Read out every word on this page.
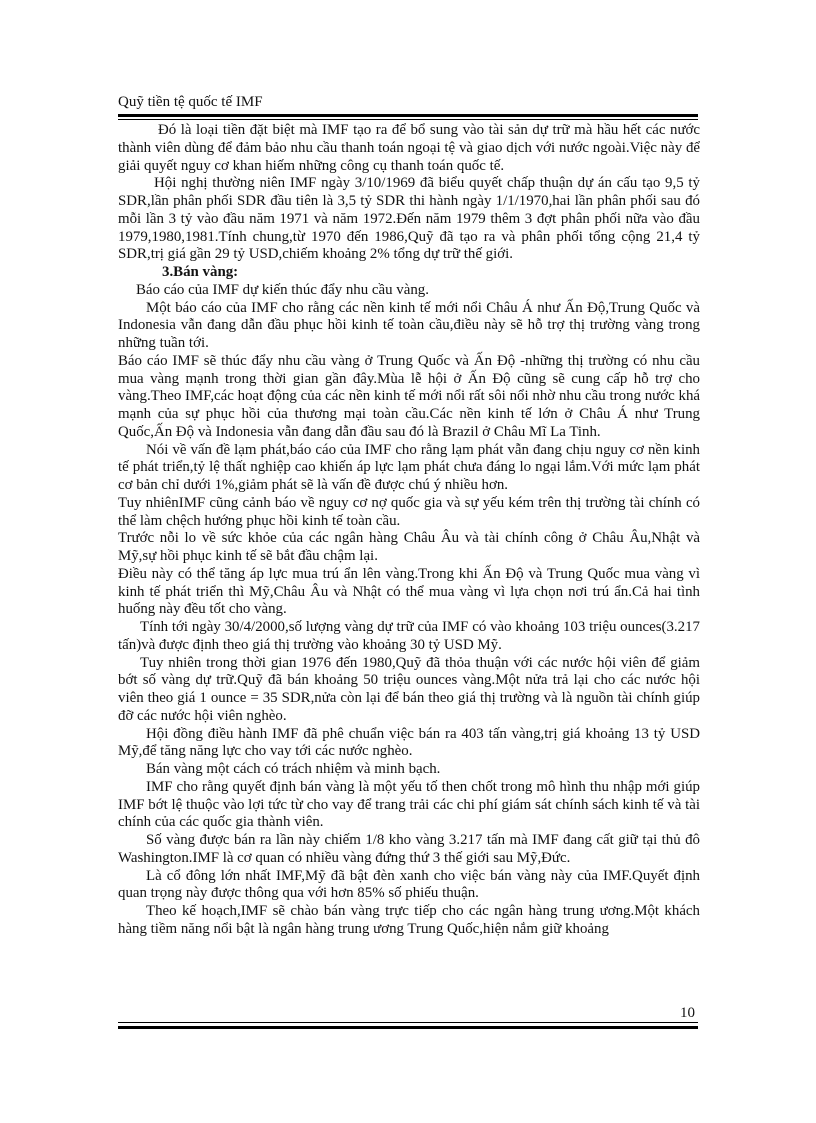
Quỹ tiền tệ quốc tế IMF

Đó là loại tiền đặt biệt mà IMF tạo ra để bổ sung vào tài sản dự trữ mà hầu hết các nước thành viên dùng để đảm bảo nhu cầu thanh toán ngoại tệ và giao dịch với nước ngoài.Việc này để giải quyết nguy cơ khan hiếm những công cụ thanh toán quốc tế.

Hội nghị thường niên IMF ngày 3/10/1969 đã biểu quyết chấp thuận dự án cấu tạo 9,5 tỷ SDR,lần phân phối SDR đầu tiên là 3,5 tỷ SDR thi hành ngày 1/1/1970,hai lần phân phối sau đó mỗi lần 3 tỷ vào đầu năm 1971 và năm 1972.Đến năm 1979 thêm 3 đợt phân phối nữa vào đầu 1979,1980,1981.Tính chung,từ 1970 đến 1986,Quỹ đã tạo ra và phân phối tổng cộng 21,4 tỷ SDR,trị giá gần 29 tỷ USD,chiếm khoảng 2% tổng dự trữ thế giới.

3.Bán vàng:

Báo cáo của IMF dự kiến thúc đẩy nhu cầu vàng.

Một báo cáo của IMF cho rằng các nền kinh tế mới nổi Châu Á như Ấn Độ,Trung Quốc và Indonesia vẫn đang dẫn đầu phục hồi kinh tế toàn cầu,điều này sẽ hỗ trợ thị trường vàng trong những tuần tới.

Báo cáo IMF sẽ thúc đẩy nhu cầu vàng ở Trung Quốc và Ấn Độ -những thị trường có nhu cầu mua vàng mạnh trong thời gian gần đây.Mùa lễ hội ở Ấn Độ cũng sẽ cung cấp hỗ trợ cho vàng.Theo IMF,các hoạt động của các nền kinh tế mới nổi rất sôi nổi nhờ nhu cầu trong nước khá mạnh của sự phục hồi của thương mại toàn cầu.Các nền kinh tế lớn ở Châu Á như Trung Quốc,Ấn Độ và Indonesia vẫn đang dẫn đầu sau đó là Brazil ở Châu Mĩ La Tinh.

Nói về vấn đề lạm phát,báo cáo của IMF cho rằng lạm phát vẫn đang chịu nguy cơ nền kinh tế phát triển,tỷ lệ thất nghiệp cao khiến áp lực lạm phát chưa đáng lo ngại lắm.Với mức lạm phát cơ bản chỉ dưới 1%,giảm phát sẽ là vấn đề được chú ý nhiều hơn.

Tuy nhiênIMF cũng cảnh báo về nguy cơ nợ quốc gia và sự yếu kém trên thị trường tài chính có thể làm chệch hướng phục hồi kinh tế toàn cầu.

Trước nỗi lo về sức khỏe của các ngân hàng Châu Âu và tài chính công ở Châu Âu,Nhật và Mỹ,sự hồi phục kinh tế sẽ bắt đầu chậm lại.

Điều này có thể tăng áp lực mua trú ẩn lên vàng.Trong khi Ấn Độ và Trung Quốc mua vàng vì kinh tế phát triển thì Mỹ,Châu Âu và Nhật có thể mua vàng vì lựa chọn nơi trú ẩn.Cả hai tình huống này đều tốt cho vàng.

Tính tới ngày 30/4/2000,số lượng vàng dự trữ của IMF có vào khoảng 103 triệu ounces(3.217 tấn)và được định theo giá thị trường vào khoảng 30 tỷ USD Mỹ.

Tuy nhiên trong thời gian 1976 đến 1980,Quỹ đã thỏa thuận với các nước hội viên để giảm bớt số vàng dự trữ.Quỹ đã bán khoảng 50 triệu ounces vàng.Một nửa trả lại cho các nước hội viên theo giá 1 ounce = 35 SDR,nửa còn lại để bán theo giá thị trường và là nguồn tài chính giúp đỡ các nước hội viên nghèo.

Hội đồng điều hành IMF đã phê chuẩn việc bán ra 403 tấn vàng,trị giá khoảng 13 tỷ USD Mỹ,để tăng năng lực cho vay tới các nước nghèo.

Bán vàng một cách có trách nhiệm và minh bạch.

IMF cho rằng quyết định bán vàng là một yếu tố then chốt trong mô hình thu nhập mới giúp IMF bớt lệ thuộc vào lợi tức từ cho vay để trang trải các chi phí giám sát chính sách kinh tế và tài chính của các quốc gia thành viên.

Số vàng được bán ra lần này chiếm 1/8 kho vàng 3.217 tấn mà IMF đang cất giữ tại thủ đô Washington.IMF là cơ quan có nhiều vàng đứng thứ 3 thế giới sau Mỹ,Đức.

Là cổ đông lớn nhất IMF,Mỹ đã bật đèn xanh cho việc bán vàng này của IMF.Quyết định quan trọng này được thông qua với hơn 85% số phiếu thuận.

Theo kế hoạch,IMF sẽ chào bán vàng trực tiếp cho các ngân hàng trung ương.Một khách hàng tiềm năng nổi bật là ngân hàng trung ương Trung Quốc,hiện nắm giữ khoảng

10
